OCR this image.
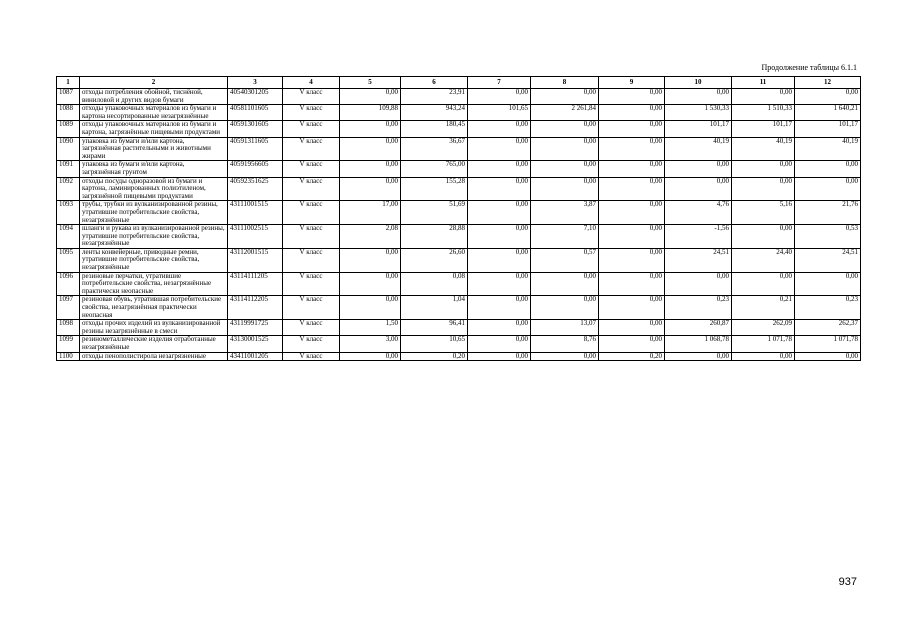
Продолжение таблицы 6.1.1
1	2	3	4	5	6	7	8	9	10	11	12
1087	отходы потребления обойной, тиснёной, виниловой и других видов бумаги	40540301205	V класс	0,00	23,91	0,00	0,00	0,00	0,00	0,00	0,00
1088	отходы упаковочных материалов из бумаги и картона несортированные незагрязнённые	40581101605	V класс	109,88	943,24	101,65	2 261,84	0,00	1 530,33	1 510,33	1 640,21
1089	отходы упаковочных материалов из бумаги и картона, загрязнённые пищевыми продуктами	40591301605	V класс	0,00	180,45	0,00	0,00	0,00	101,17	101,17	101,17
1090	упаковка из бумаги и/или картона, загрязнённая растительными и животными жирами	40591311605	V класс	0,00	36,67	0,00	0,00	0,00	40,19	40,19	40,19
1091	упаковка из бумаги и/или картона, загрязнённая грунтом	40591956605	V класс	0,00	765,00	0,00	0,00	0,00	0,00	0,00	0,00
1092	отходы посуды одноразовой из бумаги и картона, ламинированных полиэтиленом, загрязнённой пищевыми продуктами	40592351625	V класс	0,00	155,28	0,00	0,00	0,00	0,00	0,00	0,00
1093	трубы, трубки из вулканизированной резины, утратившие потребительские свойства, незагрязнённые	43111001515	V класс	17,00	51,69	0,00	3,87	0,00	4,76	5,16	21,76
1094	шланги и рукава из вулканизированной резины, утратившие потребительские свойства, незагрязнённые	43111002515	V класс	2,08	28,88	0,00	7,10	0,00	-1,56	0,00	0,53
1095	ленты конвейерные, приводные ремни, утратившие потребительские свойства, незагрязнённые	43112001515	V класс	0,00	26,60	0,00	0,57	0,00	24,51	24,40	24,51
1096	резиновые перчатки, утратившие потребительские свойства, незагрязнённые практически неопасные	43114111205	V класс	0,00	0,08	0,00	0,00	0,00	0,00	0,00	0,00
1097	резиновая обувь, утратившая потребительские свойства, незагрязнённая практически неопасная	43114112205	V класс	0,00	1,04	0,00	0,00	0,00	0,23	0,21	0,23
1098	отходы прочих изделий из вулканизированной резины незагрязнённые в смеси	43119991725	V класс	1,50	96,41	0,00	13,07	0,00	260,87	262,09	262,37
1099	резинометаллические изделия отработанные незагрязнённые	43130001525	V класс	3,00	10,65	0,00	8,76	0,00	1 068,78	1 071,78	1 071,78
1100	отходы пенополистирола незагрязненные	43411001205	V класс	0,00	0,20	0,00	0,00	0,20	0,00	0,00	0,00
937
